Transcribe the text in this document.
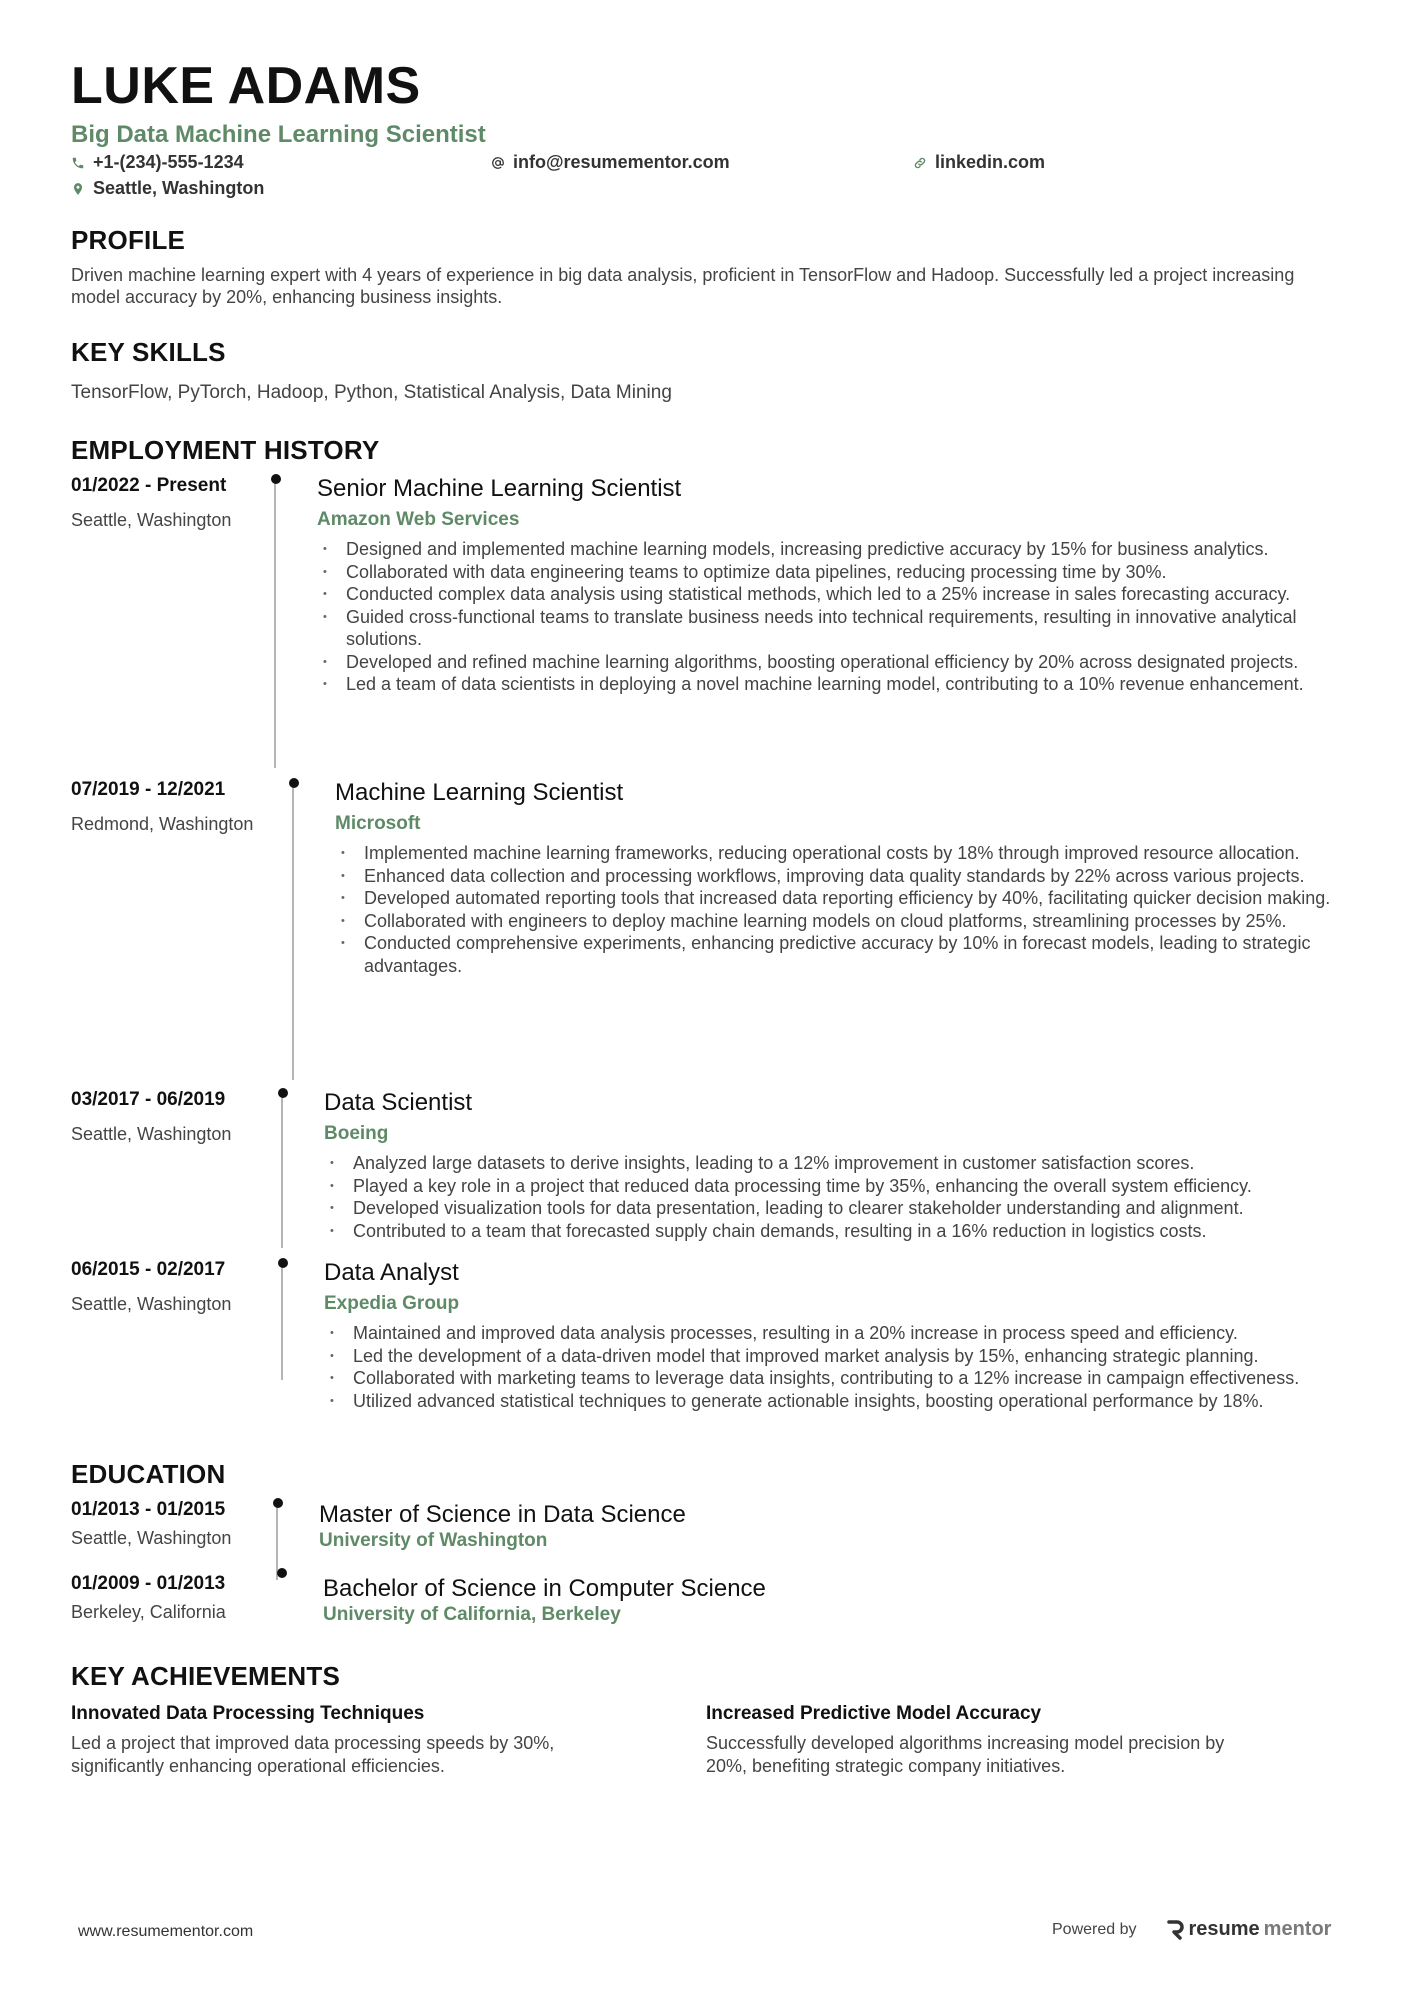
LUKE ADAMS
Big Data Machine Learning Scientist
+1-(234)-555-1234	info@resumementor.com	linkedin.com
Seattle, Washington
PROFILE
Driven machine learning expert with 4 years of experience in big data analysis, proficient in TensorFlow and Hadoop. Successfully led a project increasing model accuracy by 20%, enhancing business insights.
KEY SKILLS
TensorFlow, PyTorch, Hadoop, Python, Statistical Analysis, Data Mining
EMPLOYMENT HISTORY
01/2022 - Present
Seattle, Washington
Senior Machine Learning Scientist
Amazon Web Services
• Designed and implemented machine learning models, increasing predictive accuracy by 15% for business analytics.
• Collaborated with data engineering teams to optimize data pipelines, reducing processing time by 30%.
• Conducted complex data analysis using statistical methods, which led to a 25% increase in sales forecasting accuracy.
• Guided cross-functional teams to translate business needs into technical requirements, resulting in innovative analytical solutions.
• Developed and refined machine learning algorithms, boosting operational efficiency by 20% across designated projects.
• Led a team of data scientists in deploying a novel machine learning model, contributing to a 10% revenue enhancement.
07/2019 - 12/2021
Redmond, Washington
Machine Learning Scientist
Microsoft
• Implemented machine learning frameworks, reducing operational costs by 18% through improved resource allocation.
• Enhanced data collection and processing workflows, improving data quality standards by 22% across various projects.
• Developed automated reporting tools that increased data reporting efficiency by 40%, facilitating quicker decision making.
• Collaborated with engineers to deploy machine learning models on cloud platforms, streamlining processes by 25%.
• Conducted comprehensive experiments, enhancing predictive accuracy by 10% in forecast models, leading to strategic advantages.
03/2017 - 06/2019
Seattle, Washington
Data Scientist
Boeing
• Analyzed large datasets to derive insights, leading to a 12% improvement in customer satisfaction scores.
• Played a key role in a project that reduced data processing time by 35%, enhancing the overall system efficiency.
• Developed visualization tools for data presentation, leading to clearer stakeholder understanding and alignment.
• Contributed to a team that forecasted supply chain demands, resulting in a 16% reduction in logistics costs.
06/2015 - 02/2017
Seattle, Washington
Data Analyst
Expedia Group
• Maintained and improved data analysis processes, resulting in a 20% increase in process speed and efficiency.
• Led the development of a data-driven model that improved market analysis by 15%, enhancing strategic planning.
• Collaborated with marketing teams to leverage data insights, contributing to a 12% increase in campaign effectiveness.
• Utilized advanced statistical techniques to generate actionable insights, boosting operational performance by 18%.
EDUCATION
01/2013 - 01/2015
Seattle, Washington
Master of Science in Data Science
University of Washington
01/2009 - 01/2013
Berkeley, California
Bachelor of Science in Computer Science
University of California, Berkeley
KEY ACHIEVEMENTS
Innovated Data Processing Techniques
Led a project that improved data processing speeds by 30%, significantly enhancing operational efficiencies.
Increased Predictive Model Accuracy
Successfully developed algorithms increasing model precision by 20%, benefiting strategic company initiatives.
www.resumementor.com	Powered by	resume mentor
